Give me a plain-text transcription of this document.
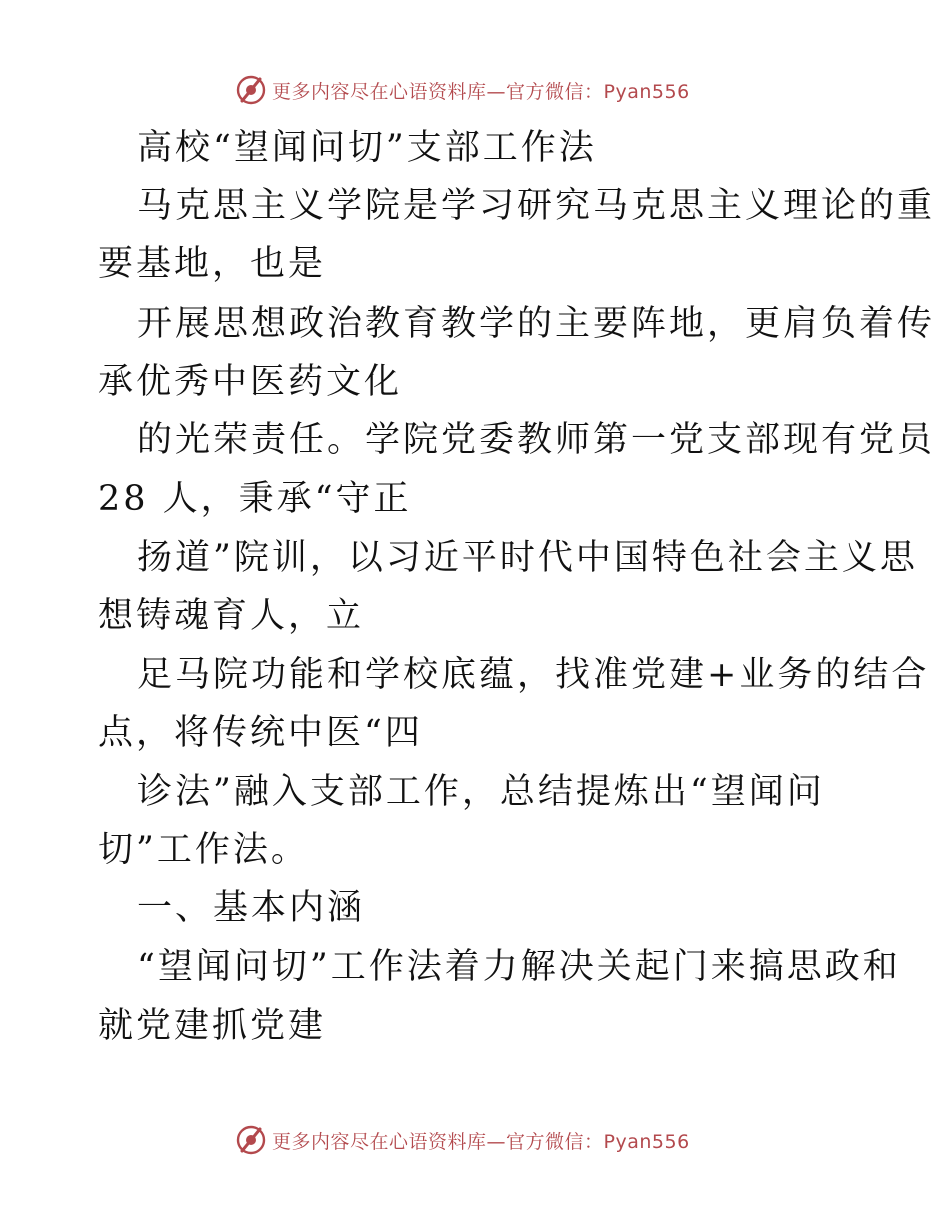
更多内容尽在心语资料库—官方微信：Pyan556

高校“望闻问切”支部工作法

马克思主义学院是学习研究马克思主义理论的重

要基地，也是

开展思想政治教育教学的主要阵地，更肩负着传

承优秀中医药文化

的光荣责任。学院党委教师第一党支部现有党员

28 人，秉承“守正

扬道”院训，以习近平时代中国特色社会主义思

想铸魂育人，立

足马院功能和学校底蕴，找准党建+业务的结合

点，将传统中医“四

诊法”融入支部工作，总结提炼出“望闻问

切”工作法。

一、基本内涵

“望闻问切”工作法着力解决关起门来搞思政和

就党建抓党建

更多内容尽在心语资料库—官方微信：Pyan556
